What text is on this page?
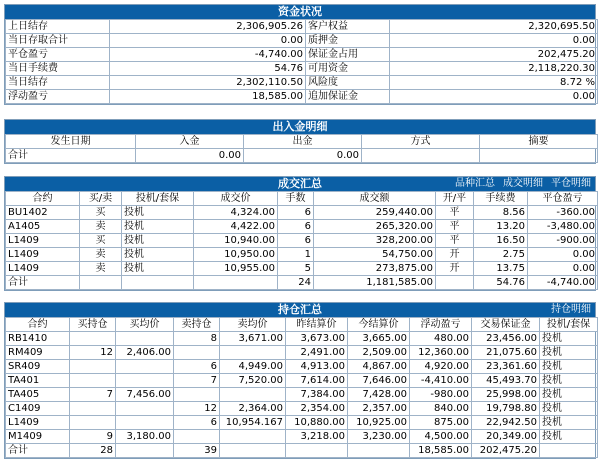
资金状况
上日结存	2,306,905.26	客户权益	2,320,695.50
当日存取合计	0.00	质押金	0.00
平仓盈亏	-4,740.00	保证金占用	202,475.20
当日手续费	54.76	可用资金	2,118,220.30
当日结存	2,302,110.50	风险度	8.72 %
浮动盈亏	18,585.00	追加保证金	0.00
出入金明细
发生日期	入金	出金	方式	摘要
合计	0.00	0.00		
成交汇总	品种汇总 成交明细 平仓明细
合约	买/卖	投机/套保	成交价	手数	成交额	开/平	手续费	平仓盈亏
BU1402	买	投机	4,324.00	6	259,440.00	平	8.56	-360.00
A1405	卖	投机	4,422.00	6	265,320.00	平	13.20	-3,480.00
L1409	买	投机	10,940.00	6	328,200.00	平	16.50	-900.00
L1409	卖	投机	10,950.00	1	54,750.00	开	2.75	0.00
L1409	卖	投机	10,955.00	5	273,875.00	开	13.75	0.00
合计				24	1,181,585.00		54.76	-4,740.00
持仓汇总	持仓明细
合约	买持仓	买均价	卖持仓	卖均价	昨结算价	今结算价	浮动盈亏	交易保证金	投机/套保
RB1410			8	3,671.00	3,673.00	3,665.00	480.00	23,456.00	投机
RM409	12	2,406.00			2,491.00	2,509.00	12,360.00	21,075.60	投机
SR409			6	4,949.00	4,913.00	4,867.00	4,920.00	23,361.60	投机
TA401			7	7,520.00	7,614.00	7,646.00	-4,410.00	45,493.70	投机
TA405	7	7,456.00			7,384.00	7,428.00	-980.00	25,998.00	投机
C1409			12	2,364.00	2,354.00	2,357.00	840.00	19,798.80	投机
L1409			6	10,954.167	10,880.00	10,925.00	875.00	22,942.50	投机
M1409	9	3,180.00			3,218.00	3,230.00	4,500.00	20,349.00	投机
合计	28		39				18,585.00	202,475.20	
